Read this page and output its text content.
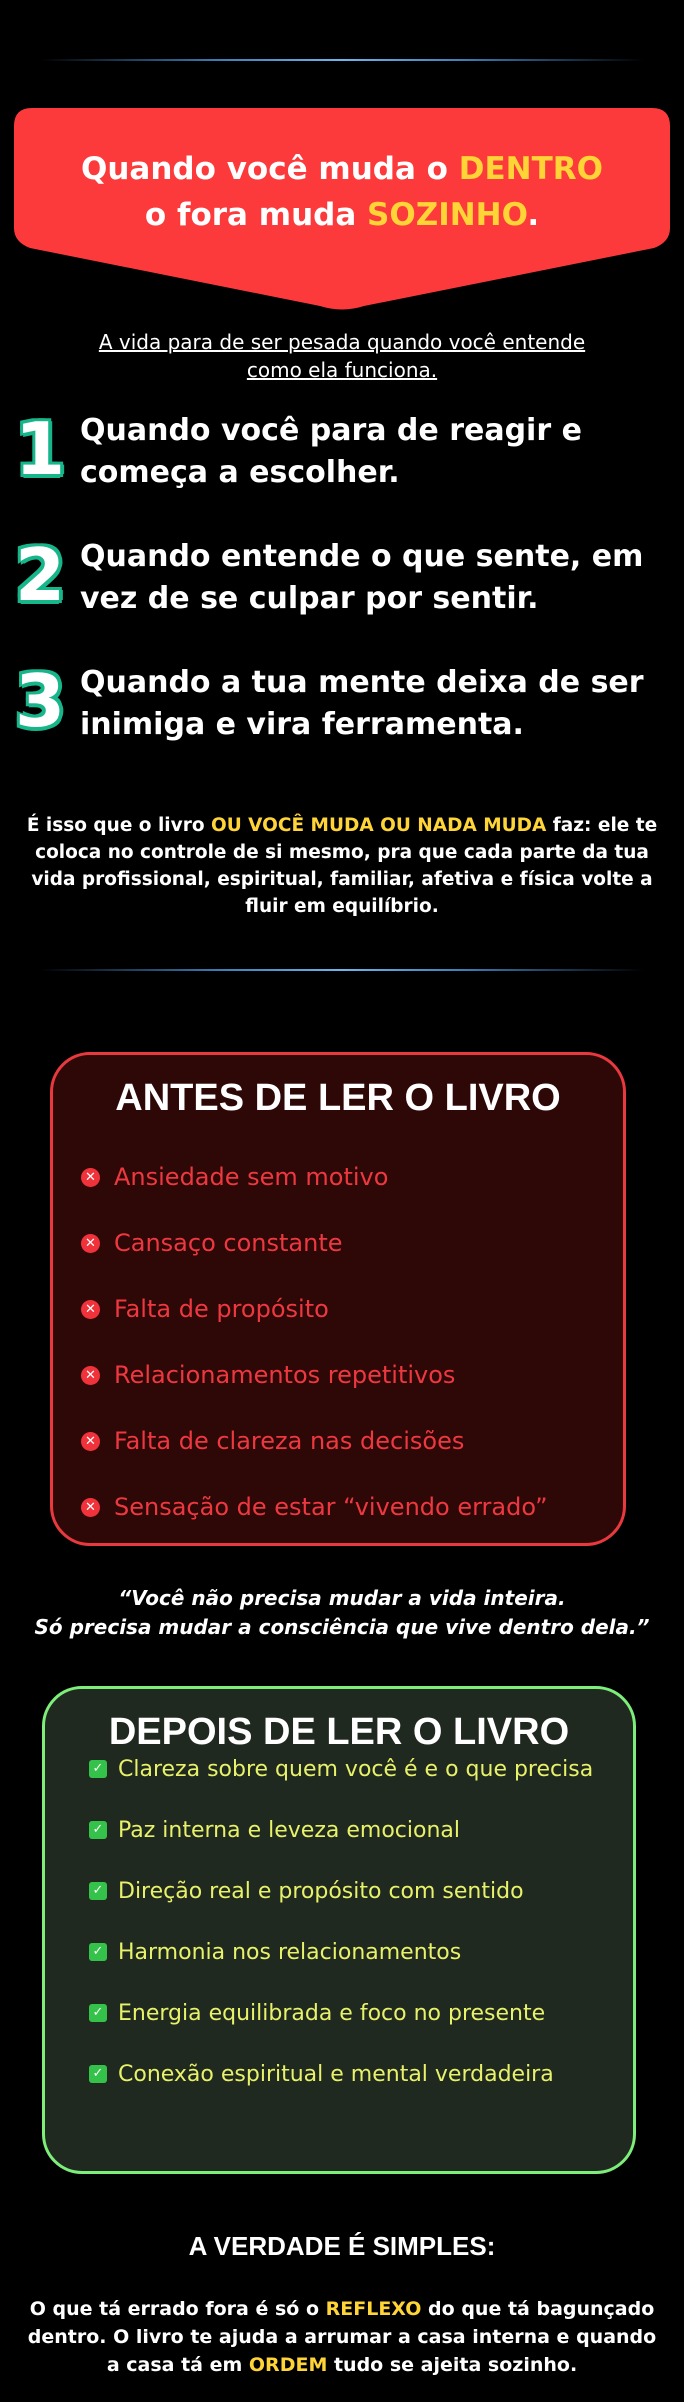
Quando você muda o DENTRO
o fora muda SOZINHO.
A vida para de ser pesada quando você entende como ela funciona.
1 Quando você para de reagir e começa a escolher.
2 Quando entende o que sente, em vez de se culpar por sentir.
3 Quando a tua mente deixa de ser inimiga e vira ferramenta.
É isso que o livro OU VOCÊ MUDA OU NADA MUDA faz: ele te coloca no controle de si mesmo, pra que cada parte da tua vida profissional, espiritual, familiar, afetiva e física volte a fluir em equilíbrio.
ANTES DE LER O LIVRO
✕ Ansiedade sem motivo
✕ Cansaço constante
✕ Falta de propósito
✕ Relacionamentos repetitivos
✕ Falta de clareza nas decisões
✕ Sensação de estar “vivendo errado”
“Você não precisa mudar a vida inteira.
Só precisa mudar a consciência que vive dentro dela.”
DEPOIS DE LER O LIVRO
✓ Clareza sobre quem você é e o que precisa
✓ Paz interna e leveza emocional
✓ Direção real e propósito com sentido
✓ Harmonia nos relacionamentos
✓ Energia equilibrada e foco no presente
✓ Conexão espiritual e mental verdadeira
A VERDADE É SIMPLES:
O que tá errado fora é só o REFLEXO do que tá bagunçado dentro. O livro te ajuda a arrumar a casa interna e quando a casa tá em ORDEM tudo se ajeita sozinho.
